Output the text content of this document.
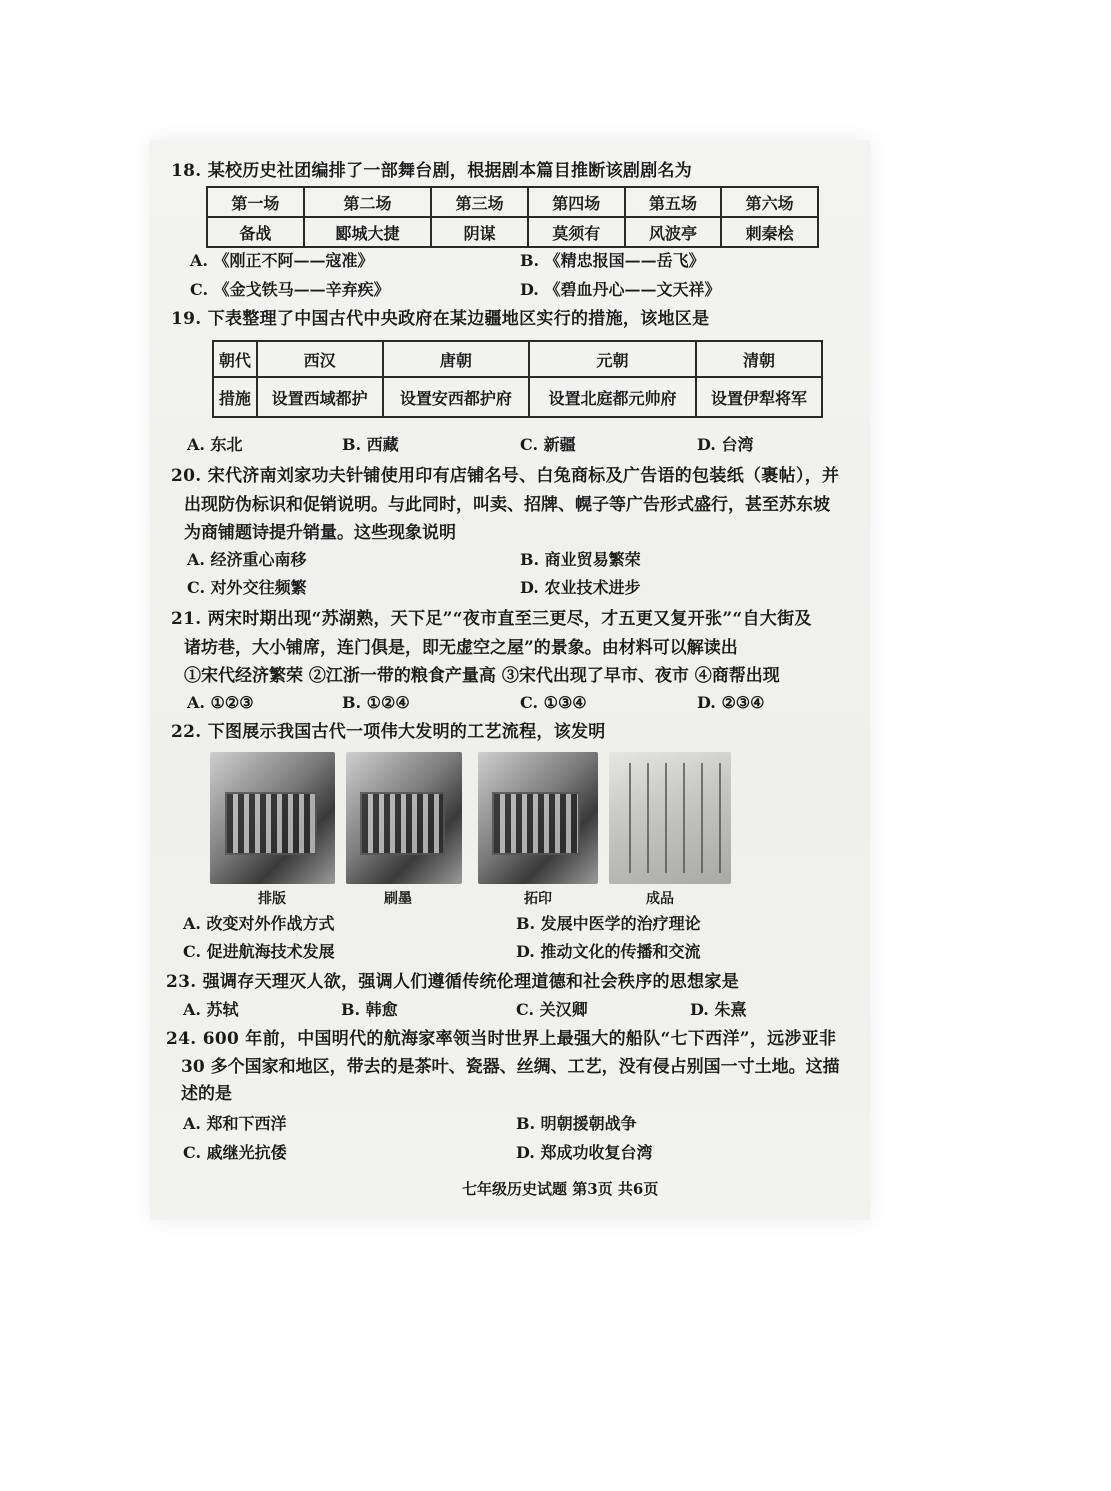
18. 某校历史社团编排了一部舞台剧，根据剧本篇目推断该剧剧名为
第一场	第二场	第三场	第四场	第五场	第六场
备战	郾城大捷	阴谋	莫须有	风波亭	刺秦桧
A. 《刚正不阿——寇准》	B. 《精忠报国——岳飞》
C. 《金戈铁马——辛弃疾》	D. 《碧血丹心——文天祥》
19. 下表整理了中国古代中央政府在某边疆地区实行的措施，该地区是
朝代	西汉	唐朝	元朝	清朝
措施	设置西域都护	设置安西都护府	设置北庭都元帅府	设置伊犁将军
A. 东北	B. 西藏	C. 新疆	D. 台湾
20. 宋代济南刘家功夫针铺使用印有店铺名号、白兔商标及广告语的包装纸（裹帖），并
出现防伪标识和促销说明。与此同时，叫卖、招牌、幌子等广告形式盛行，甚至苏东坡
为商铺题诗提升销量。这些现象说明
A. 经济重心南移	B. 商业贸易繁荣
C. 对外交往频繁	D. 农业技术进步
21. 两宋时期出现“苏湖熟，天下足”“夜市直至三更尽，才五更又复开张”“自大街及
诸坊巷，大小铺席，连门俱是，即无虚空之屋”的景象。由材料可以解读出
①宋代经济繁荣 ②江浙一带的粮食产量高 ③宋代出现了早市、夜市 ④商帮出现
A. ①②③	B. ①②④	C. ①③④	D. ②③④
22. 下图展示我国古代一项伟大发明的工艺流程，该发明
排版	刷墨	拓印	成品
A. 改变对外作战方式	B. 发展中医学的治疗理论
C. 促进航海技术发展	D. 推动文化的传播和交流
23. 强调存天理灭人欲，强调人们遵循传统伦理道德和社会秩序的思想家是
A. 苏轼	B. 韩愈	C. 关汉卿	D. 朱熹
24. 600 年前，中国明代的航海家率领当时世界上最强大的船队“七下西洋”，远涉亚非
30 多个国家和地区，带去的是茶叶、瓷器、丝绸、工艺，没有侵占别国一寸土地。这描
述的是
A. 郑和下西洋	B. 明朝援朝战争
C. 戚继光抗倭	D. 郑成功收复台湾
七年级历史试题 第3页 共6页
